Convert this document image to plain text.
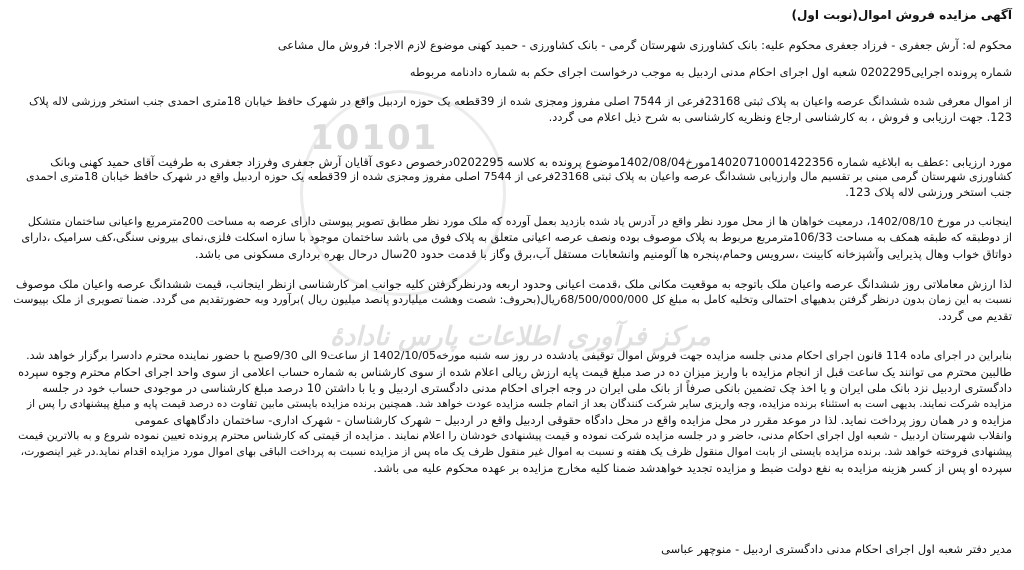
10101
مرکز فرآوری اطلاعات پارس نادادهٔ
آگهی مزایده فروش اموال(نوبت اول)
محکوم له: آرش جعفری - فرزاد جعفری محکوم علیه: بانک کشاورزی شهرستان گرمی - بانک کشاورزی - حمید کهنی موضوع لازم الاجرا: فروش مال مشاعی
شماره پرونده اجرایی0202295 شعبه اول اجرای احکام مدنی اردبیل به موجب درخواست اجرای حکم به شماره دادنامه مربوطه
از اموال معرفی شده ششدانگ عرصه واعیان به پلاک ثبتی 23168فرعی از 7544 اصلی مفروز ومجزی شده از 39قطعه یک حوزه اردبیل واقع در شهرک حافظ خیابان 18متری احمدی جنب استخر ورزشی لاله پلاک
123. جهت ارزیابی و فروش ، به کارشناسی ارجاع ونظریه کارشناسی به شرح ذیل اعلام می گردد.
مورد ارزیابی :عطف به ابلاغیه شماره 1402071000142235‌6مورخ1402/08/04موضوع پرونده به کلاسه 0202295درخصوص دعوی آقایان آرش جعفری وفرزاد جعفری به طرفیت آقای حمید کهنی وبانک
کشاورزی شهرستان گرمی مبنی بر تقسیم مال وارزیابی ششدانگ عرصه واعیان به پلاک ثبتی 23168فرعی از 7544 اصلی مفروز ومجزی شده از 39قطعه یک حوزه اردبیل واقع در شهرک حافظ خیابان 18متری احمدی
جنب استخر ورزشی لاله پلاک 123.
اینجانب در مورخ 1402/08/10، درمعیت خواهان ها از محل مورد نظر واقع در آدرس یاد شده بازدید بعمل آورده که ملک مورد نظر مطابق تصویر پیوستی دارای عرصه به مساحت 200مترمربع واعیانی ساختمان متشکل
از دوطبقه که طبقه همکف به مساحت 106/33مترمربع مربوط به پلاک موصوف بوده ونصف عرصه اعیانی متعلق به پلاک فوق می باشد ساختمان موجود با سازه اسکلت فلزی،نمای بیرونی سنگی،کف سرامیک ،دارای
دواتاق خواب وهال پذیرایی وآشپزخانه کابینت ،سرویس وحمام،پنجره ها آلومنیم وانشعابات مستقل آب،برق وگاز با قدمت حدود 20سال درحال بهره برداری مسکونی می باشد.
لذا ارزش معاملاتی روز ششدانگ عرصه واعیان ملک باتوجه به موقعیت مکانی ملک ،قدمت اعیانی وحدود اربعه ودرنظرگرفتن کلیه جوانب امر کارشناسی ازنظر اینجانب، قیمت ششدانگ عرصه واعیان ملک موصوف
نسبت به این زمان بدون درنظر گرفتن بدهیهای احتمالی وتخلیه کامل به مبلغ کل 68/500/000/000ریال(بحروف: شصت وهشت میلیاردو پانصد میلیون ریال )برآورد وبه حضورتقدیم می گردد. ضمنا تصویری از ملک بپیوست
تقدیم می گردد.
بنابراین در اجرای ماده 114 قانون اجرای احکام مدنی جلسه مزایده جهت فروش اموال توقیفی یادشده در روز سه شنبه مورخه1402/10/05 از ساعت9 الی 9/30صبح با حضور نماینده محترم دادسرا برگزار خواهد شد.
طالبین محترم می توانند یک ساعت قبل از انجام مزایده با واریز میزان ده در صد مبلغ قیمت پایه ارزش ریالی اعلام شده از سوی کارشناس به شماره حساب اعلامی از سوی واحد اجرای احکام محترم وجوه سپرده
دادگستری اردبیل نزد بانک ملی ایران و یا اخذ چک تضمین بانکی صرفاً از بانک ملی ایران در وجه اجرای احکام مدنی دادگستری اردبیل و یا با داشتن 10 درصد مبلغ کارشناسی در موجودی حساب خود در جلسه
مزایده شرکت نمایند. بدیهی است به استثناء برنده مزایده، وجه واریزی سایر شرکت کنندگان بعد از اتمام جلسه مزایده عودت خواهد شد. همچنین برنده مزایده بایستی مابین تفاوت ده درصد قیمت پایه و مبلغ پیشنهادی را پس از
مزایده و در همان روز پرداخت نماید. لذا در موعد مقرر در محل مزایده واقع در محل دادگاه حقوقی اردبیل واقع در اردبیل – شهرک کارشناسان - شهرک اداری- ساختمان دادگاههای عمومی
وانقلاب شهرستان اردبیل - شعبه اول اجرای احکام مدنی، حاضر و در جلسه مزایده شرکت نموده و قیمت پیشنهادی خودشان را اعلام نمایند . مزایده از قیمتی که کارشناس محترم پرونده تعیین نموده شروع و به بالاترین قیمت
پیشنهادی فروخته خواهد شد. برنده مزایده بایستی از بابت اموال منقول ظرف یک هفته و نسبت به اموال غیر منقول ظرف یک ماه پس از مزایده نسبت به پرداخت الباقی بهای اموال مورد مزایده اقدام نماید.در غیر اینصورت،
سپرده او پس از کسر هزینه مزایده به نفع دولت ضبط و مزایده تجدید خواهدشد ضمنا کلیه مخارج مزایده بر عهده محکوم علیه می باشد.
مدیر دفتر شعبه اول اجرای احکام مدنی دادگستری اردبیل - منوچهر عباسی
